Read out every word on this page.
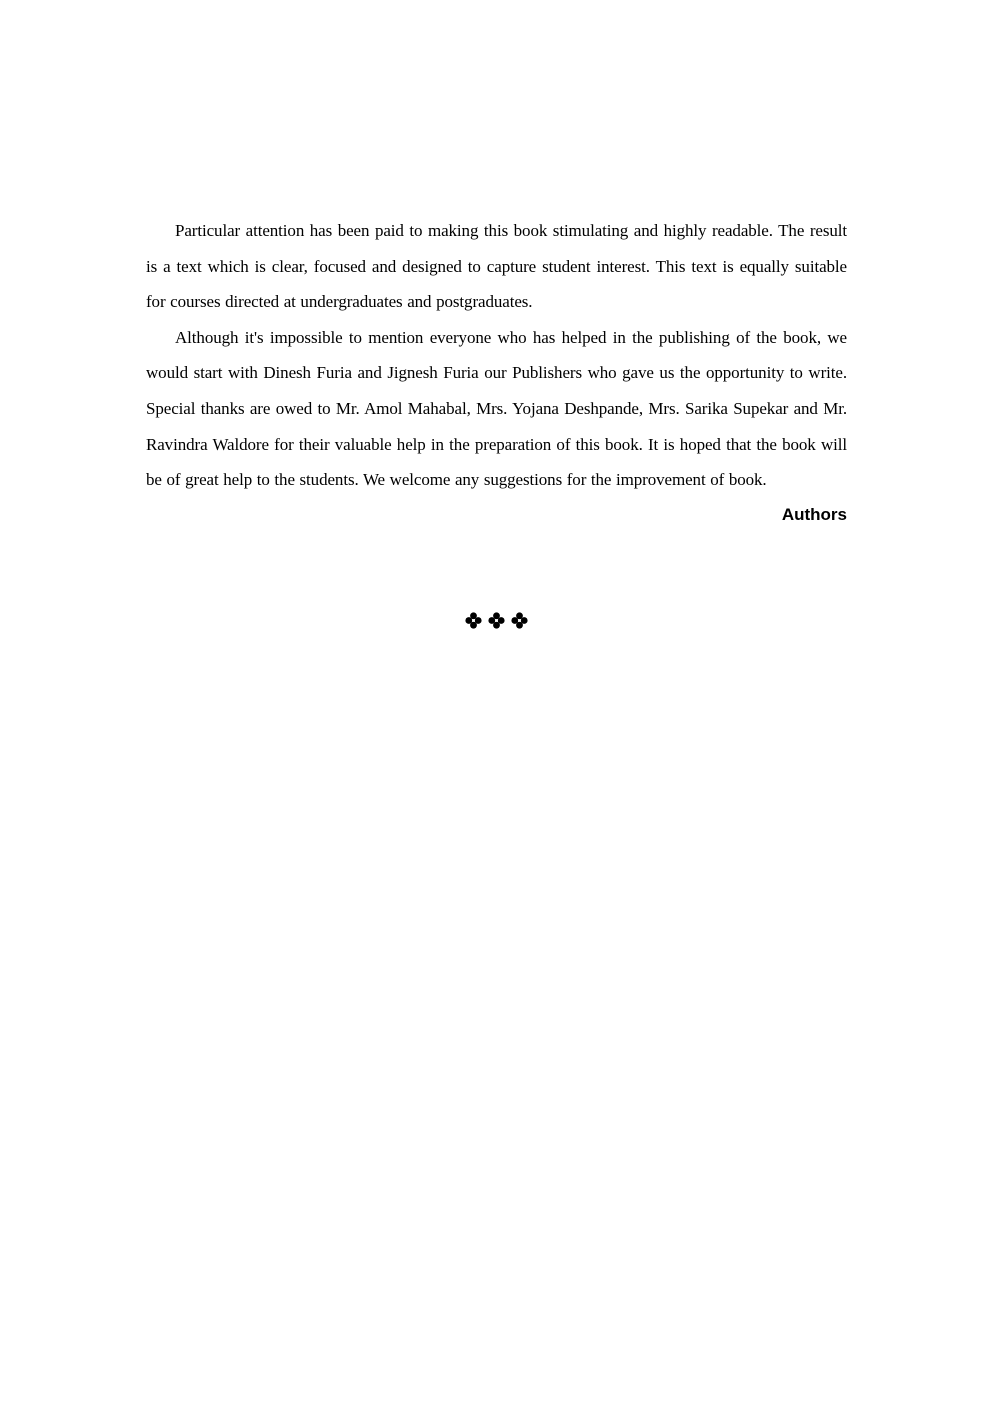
Particular attention has been paid to making this book stimulating and highly readable. The result is a text which is clear, focused and designed to capture student interest. This text is equally suitable for courses directed at undergraduates and postgraduates.

Although it's impossible to mention everyone who has helped in the publishing of the book, we would start with Dinesh Furia and Jignesh Furia our Publishers who gave us the opportunity to write. Special thanks are owed to Mr. Amol Mahabal, Mrs. Yojana Deshpande, Mrs. Sarika Supekar and Mr. Ravindra Waldore for their valuable help in the preparation of this book. It is hoped that the book will be of great help to the students. We welcome any suggestions for the improvement of book.

Authors
